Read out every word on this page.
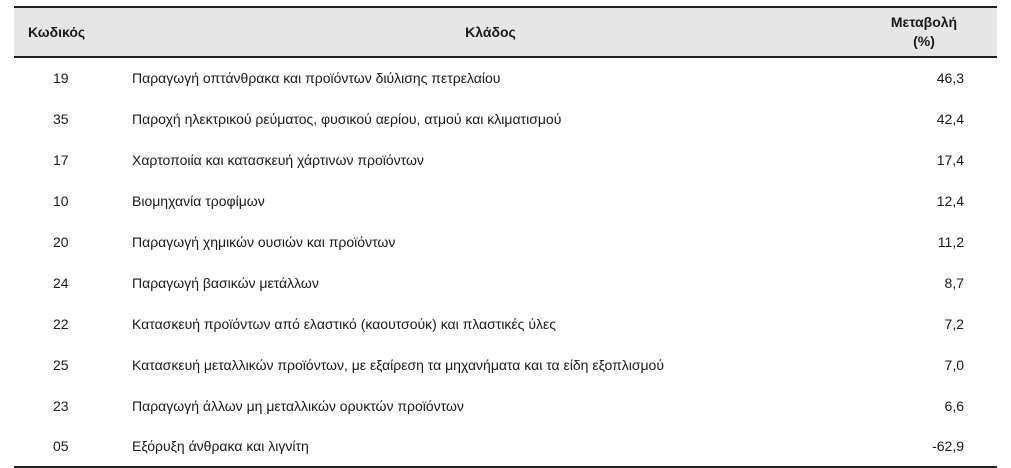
Κωδικός	Κλάδος	Μεταβολή
(%)
19	Παραγωγή οπτάνθρακα και προϊόντων διύλισης πετρελαίου	46,3
35	Παροχή ηλεκτρικού ρεύματος, φυσικού αερίου, ατμού και κλιματισμού	42,4
17	Χαρτοποιία και κατασκευή χάρτινων προϊόντων	17,4
10	Βιομηχανία τροφίμων	12,4
20	Παραγωγή χημικών ουσιών και προϊόντων	11,2
24	Παραγωγή βασικών μετάλλων	8,7
22	Κατασκευή προϊόντων από ελαστικό (καουτσούκ) και πλαστικές ύλες	7,2
25	Κατασκευή μεταλλικών προϊόντων, με εξαίρεση τα μηχανήματα και τα είδη εξοπλισμού	7,0
23	Παραγωγή άλλων μη μεταλλικών ορυκτών προϊόντων	6,6
05	Εξόρυξη άνθρακα και λιγνίτη	-62,9
